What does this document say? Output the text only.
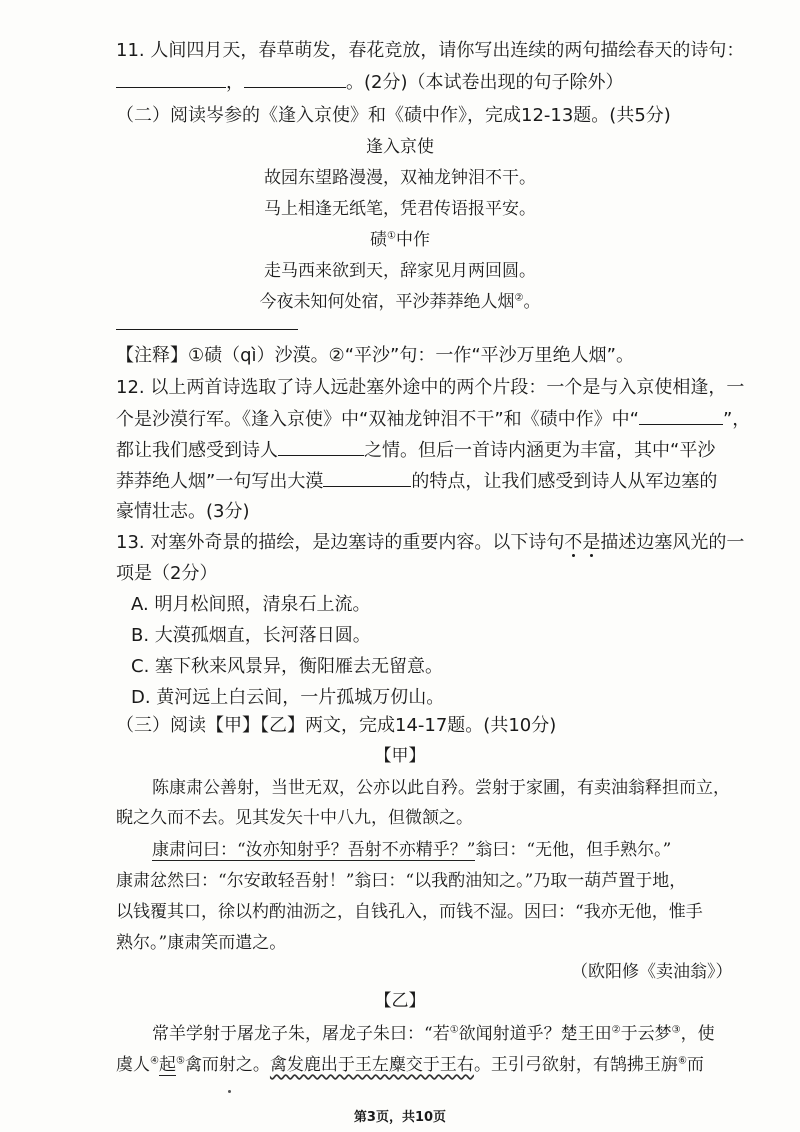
11. 人间四月天，春草萌发，春花竞放，请你写出连续的两句描绘春天的诗句：
，	。(2分)（本试卷出现的句子除外）
（二）阅读岑参的《逢入京使》和《碛中作》，完成12-13题。(共5分)
逢入京使
故园东望路漫漫，双袖龙钟泪不干。
马上相逢无纸笔，凭君传语报平安。
碛①中作
走马西来欲到天，辞家见月两回圆。
今夜未知何处宿，平沙莽莽绝人烟②。
【注释】①碛（qì）沙漠。②“平沙”句：一作“平沙万里绝人烟”。
12. 以上两首诗选取了诗人远赴塞外途中的两个片段：一个是与入京使相逢，一
个是沙漠行军。《逢入京使》中“双袖龙钟泪不干”和《碛中作》中“	”，
都让我们感受到诗人	之情。但后一首诗内涵更为丰富，其中“平沙
莽莽绝人烟”一句写出大漠	的特点，让我们感受到诗人从军边塞的
豪情壮志。(3分)
13. 对塞外奇景的描绘，是边塞诗的重要内容。以下诗句不是描述边塞风光的一
项是（2分）
A. 明月松间照，清泉石上流。
B. 大漠孤烟直，长河落日圆。
C. 塞下秋来风景异，衡阳雁去无留意。
D. 黄河远上白云间，一片孤城万仞山。
（三）阅读【甲】【乙】两文，完成14-17题。(共10分)
【甲】
陈康肃公善射，当世无双，公亦以此自矜。尝射于家圃，有卖油翁释担而立，
睨之久而不去。见其发矢十中八九，但微颔之。
康肃问曰：“汝亦知射乎？吾射不亦精乎？”翁曰：“无他，但手熟尔。”
康肃忿然曰：“尔安敢轻吾射！”翁曰：“以我酌油知之。”乃取一葫芦置于地，
以钱覆其口，徐以杓酌油沥之，自钱孔入，而钱不湿。因曰：“我亦无他，惟手
熟尔。”康肃笑而遣之。
（欧阳修《卖油翁》）
【乙】
常羊学射于屠龙子朱，屠龙子朱曰：“若①欲闻射道乎？楚王田②于云梦③，使
虞人④起⑤禽而射之。禽发鹿出于王左麋交于王右。王引弓欲射，有鹄拂王旃⑥而
第3页，共10页
